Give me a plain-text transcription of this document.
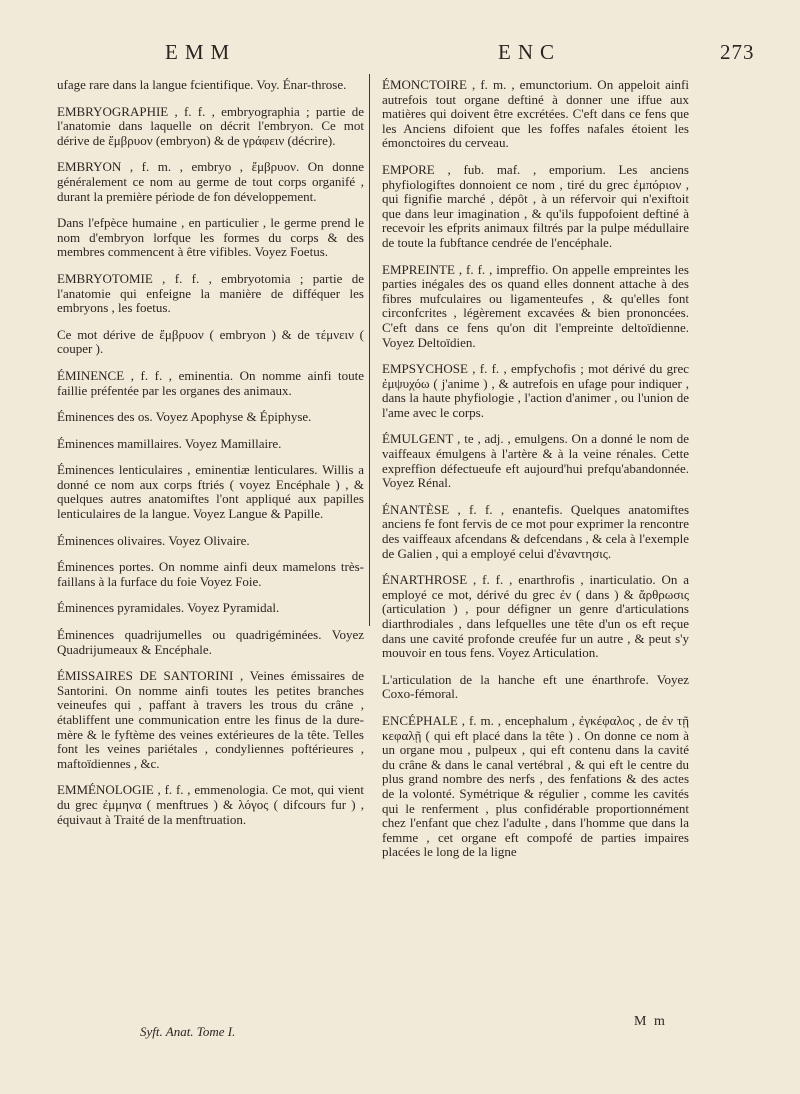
EMM	ENC	273

ufage rare dans la langue fcientifique. Voy. Énar-throse.

EMBRYOGRAPHIE , f. f. , embryographia ; partie de l'anatomie dans laquelle on décrit l'embryon. Ce mot dérive de ἔμβρυον (embryon) & de γράφειν (décrire).

EMBRYON , f. m. , embryo , ἔμβρυον. On donne généralement ce nom au germe de tout corps organifé , durant la première période de fon développement.

Dans l'efpèce humaine , en particulier , le germe prend le nom d'embryon lorfque les formes du corps & des membres commencent à être vifibles. Voyez Foetus.

EMBRYOTOMIE , f. f. , embryotomia ; partie de l'anatomie qui enfeigne la manière de difféquer les embryons , les foetus.

Ce mot dérive de ἔμβρυον ( embryon ) & de τέμνειν ( couper ).

ÉMINENCE , f. f. , eminentia. On nomme ainfi toute faillie préfentée par les organes des animaux.

Éminences des os. Voyez Apophyse & Épiphyse.

Éminences mamillaires. Voyez Mamillaire.

Éminences lenticulaires , eminentiæ lenticulares. Willis a donné ce nom aux corps ftriés ( voyez Encéphale ) , & quelques autres anatomiftes l'ont appliqué aux papilles lenticulaires de la langue. Voyez Langue & Papille.

Éminences olivaires. Voyez Olivaire.

Éminences portes. On nomme ainfi deux mamelons très-faillans à la furface du foie Voyez Foie.

Éminences pyramidales. Voyez Pyramidal.

Éminences quadrijumelles ou quadrigéminées. Voyez Quadrijumeaux & Encéphale.

ÉMISSAIRES DE SANTORINI , Veines émissaires de Santorini. On nomme ainfi toutes les petites branches veineufes qui , paffant à travers les trous du crâne , établiffent une communication entre les finus de la dure-mère & le fyftème des veines extérieures de la tête. Telles font les veines pariétales , condyliennes poftérieures , maftoïdiennes , &c.

EMMÉNOLOGIE , f. f. , emmenologia. Ce mot, qui vient du grec ἐμμηνα ( menftrues ) & λόγος ( difcours fur ) , équivaut à Traité de la menftruation.

ÉMONCTOIRE , f. m. , emunctorium. On appeloit ainfi autrefois tout organe deftiné à donner une iffue aux matières qui doivent être excrétées. C'eft dans ce fens que les Anciens difoient que les foffes nafales étoient les émonctoires du cerveau.

EMPORE , fub. maf. , emporium. Les anciens phyfiologiftes donnoient ce nom , tiré du grec ἐμπόριον , qui fignifie marché , dépôt , à un réfervoir qui n'exiftoit que dans leur imagination , & qu'ils fuppofoient deftiné à recevoir les efprits animaux filtrés par la pulpe médullaire de toute la fubftance cendrée de l'encéphale.

EMPREINTE , f. f. , impreffio. On appelle empreintes les parties inégales des os quand elles donnent attache à des fibres mufculaires ou ligamenteufes , & qu'elles font circonfcrites , légèrement excavées & bien prononcées. C'eft dans ce fens qu'on dit l'empreinte deltoïdienne. Voyez Deltoïdien.

EMPSYCHOSE , f. f. , empfychofis ; mot dérivé du grec ἐμψυχόω ( j'anime ) , & autrefois en ufage pour indiquer , dans la haute phyfiologie , l'action d'animer , ou l'union de l'ame avec le corps.

ÉMULGENT , te , adj. , emulgens. On a donné le nom de vaiffeaux émulgens à l'artère & à la veine rénales. Cette expreffion défectueufe eft aujourd'hui prefqu'abandonnée. Voyez Rénal.

ÉNANTÈSE , f. f. , enantefis. Quelques anatomiftes anciens fe font fervis de ce mot pour exprimer la rencontre des vaiffeaux afcendans & defcendans , & cela à l'exemple de Galien , qui a employé celui d'ἐναντησις.

ÉNARTHROSE , f. f. , enarthrofis , inarticulatio. On a employé ce mot, dérivé du grec ἐν ( dans ) & ἄρθρωσις (articulation ) , pour défigner un genre d'articulations diarthrodiales , dans lefquelles une tête d'un os eft reçue dans une cavité profonde creufée fur un autre , & peut s'y mouvoir en tous fens. Voyez Articulation.

L'articulation de la hanche eft une énarthrofe. Voyez Coxo-fémoral.

ENCÉPHALE , f. m. , encephalum , ἐγκέφαλος , de ἐν τῇ κεφαλῇ ( qui eft placé dans la tête ) . On donne ce nom à un organe mou , pulpeux , qui eft contenu dans la cavité du crâne & dans le canal vertébral , & qui eft le centre du plus grand nombre des nerfs , des fenfations & des actes de la volonté. Symétrique & régulier , comme les cavités qui le renferment , plus confidérable proportionnément chez l'enfant que chez l'adulte , dans l'homme que dans la femme , cet organe eft compofé de parties impaires placées le long de la ligne

Syft. Anat. Tome I.
M m
